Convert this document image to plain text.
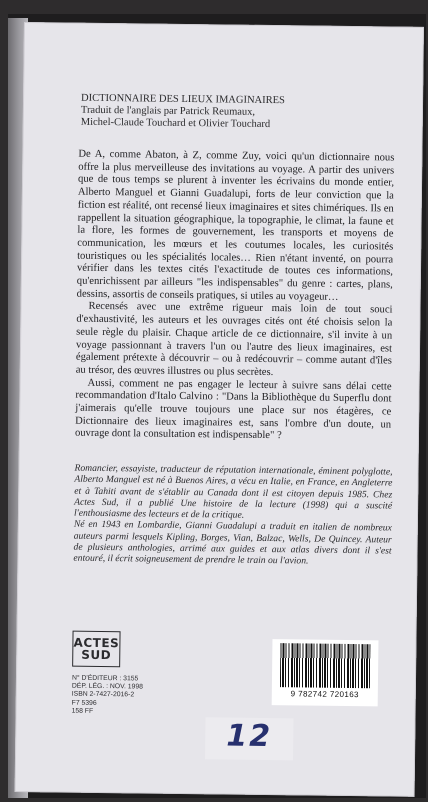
DICTIONNAIRE DES LIEUX IMAGINAIRES
Traduit de l'anglais par Patrick Reumaux,
Michel-Claude Touchard et Olivier Touchard

De A, comme Abaton, à Z, comme Zuy, voici qu'un dictionnaire nous offre la plus merveilleuse des invitations au voyage. A partir des univers que de tous temps se plurent à inventer les écrivains du monde entier, Alberto Manguel et Gianni Guadalupi, forts de leur conviction que la fiction est réalité, ont recensé lieux imaginaires et sites chimériques. Ils en rappellent la situation géographique, la topographie, le climat, la faune et la flore, les formes de gouvernement, les transports et moyens de communication, les mœurs et les coutumes locales, les curiosités touristiques ou les spécialités locales… Rien n'étant inventé, on pourra vérifier dans les textes cités l'exactitude de toutes ces informations, qu'enrichissent par ailleurs "les indispensables" du genre : cartes, plans, dessins, assortis de conseils pratiques, si utiles au voyageur…

Recensés avec une extrême rigueur mais loin de tout souci d'exhaustivité, les auteurs et les ouvrages cités ont été choisis selon la seule règle du plaisir. Chaque article de ce dictionnaire, s'il invite à un voyage passionnant à travers l'un ou l'autre des lieux imaginaires, est également prétexte à découvrir – ou à redécouvrir – comme autant d'îles au trésor, des œuvres illustres ou plus secrètes.

Aussi, comment ne pas engager le lecteur à suivre sans délai cette recommandation d'Italo Calvino : "Dans la Bibliothèque du Superflu dont j'aimerais qu'elle trouve toujours une place sur nos étagères, ce Dictionnaire des lieux imaginaires est, sans l'ombre d'un doute, un ouvrage dont la consultation est indispensable" ?

Romancier, essayiste, traducteur de réputation internationale, éminent polyglotte, Alberto Manguel est né à Buenos Aires, a vécu en Italie, en France, en Angleterre et à Tahiti avant de s'établir au Canada dont il est citoyen depuis 1985. Chez Actes Sud, il a publié Une histoire de la lecture (1998) qui a suscité l'enthousiasme des lecteurs et de la critique.

Né en 1943 en Lombardie, Gianni Guadalupi a traduit en italien de nombreux auteurs parmi lesquels Kipling, Borges, Vian, Balzac, Wells, De Quincey. Auteur de plusieurs anthologies, arrimé aux guides et aux atlas divers dont il s'est entouré, il écrit soigneusement de prendre le train ou l'avion.

ACTES
SUD
N° D'ÉDITEUR : 3155
DÉP. LÉG. : NOV. 1998
ISBN 2-7427-2016-2
F7 5396
158 FF
9 782742 720163
12
